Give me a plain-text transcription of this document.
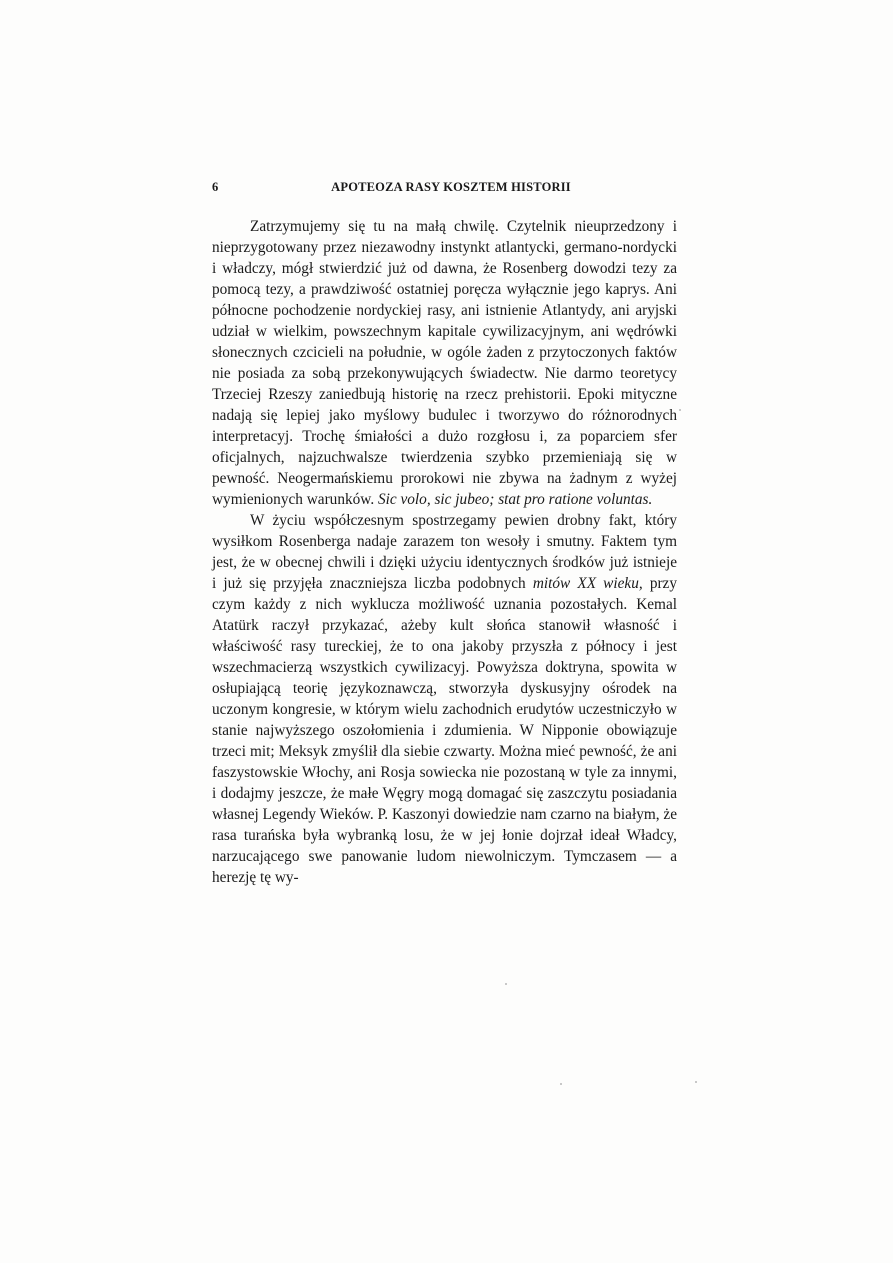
6	APOTEOZA RASY KOSZTEM HISTORII

Zatrzymujemy się tu na małą chwilę. Czytelnik nieuprzedzony i nieprzygotowany przez niezawodny instynkt atlantycki, germano-nordycki i władczy, mógł stwierdzić już od dawna, że Rosenberg dowodzi tezy za pomocą tezy, a prawdziwość ostatniej poręcza wyłącznie jego kaprys. Ani północne pochodzenie nordyckiej rasy, ani istnienie Atlantydy, ani aryjski udział w wielkim, powszechnym kapitale cywilizacyjnym, ani wędrówki słonecznych czcicieli na południe, w ogóle żaden z przytoczonych faktów nie posiada za sobą przekonywujących świadectw. Nie darmo teoretycy Trzeciej Rzeszy zaniedbują historię na rzecz prehistorii. Epoki mityczne nadają się lepiej jako myślowy budulec i tworzywo do różnorodnych interpretacyj. Trochę śmiałości a dużo rozgłosu i, za poparciem sfer oficjalnych, najzuchwalsze twierdzenia szybko przemieniają się w pewność. Neogermańskiemu prorokowi nie zbywa na żadnym z wyżej wymienionych warunków. Sic volo, sic jubeo; stat pro ratione voluntas.

W życiu współczesnym spostrzegamy pewien drobny fakt, który wysiłkom Rosenberga nadaje zarazem ton wesoły i smutny. Faktem tym jest, że w obecnej chwili i dzięki użyciu identycznych środków już istnieje i już się przyjęła znaczniejsza liczba podobnych mitów XX wieku, przy czym każdy z nich wyklucza możliwość uznania pozostałych. Kemal Atatürk raczył przykazać, ażeby kult słońca stanowił własność i właściwość rasy tureckiej, że to ona jakoby przyszła z północy i jest wszechmacierzą wszystkich cywilizacyj. Powyższa doktryna, spowita w osłupiającą teorię językoznawczą, stworzyła dyskusyjny ośrodek na uczonym kongresie, w którym wielu zachodnich erudytów uczestniczyło w stanie najwyższego oszołomienia i zdumienia. W Nipponie obowiązuje trzeci mit; Meksyk zmyślił dla siebie czwarty. Można mieć pewność, że ani faszystowskie Włochy, ani Rosja sowiecka nie pozostaną w tyle za innymi, i dodajmy jeszcze, że małe Węgry mogą domagać się zaszczytu posiadania własnej Legendy Wieków. P. Kaszonyi dowiedzie nam czarno na białym, że rasa turańska była wybranką losu, że w jej łonie dojrzał ideał Władcy, narzucającego swe panowanie ludom niewolniczym. Tymczasem — a herezję tę wy-
